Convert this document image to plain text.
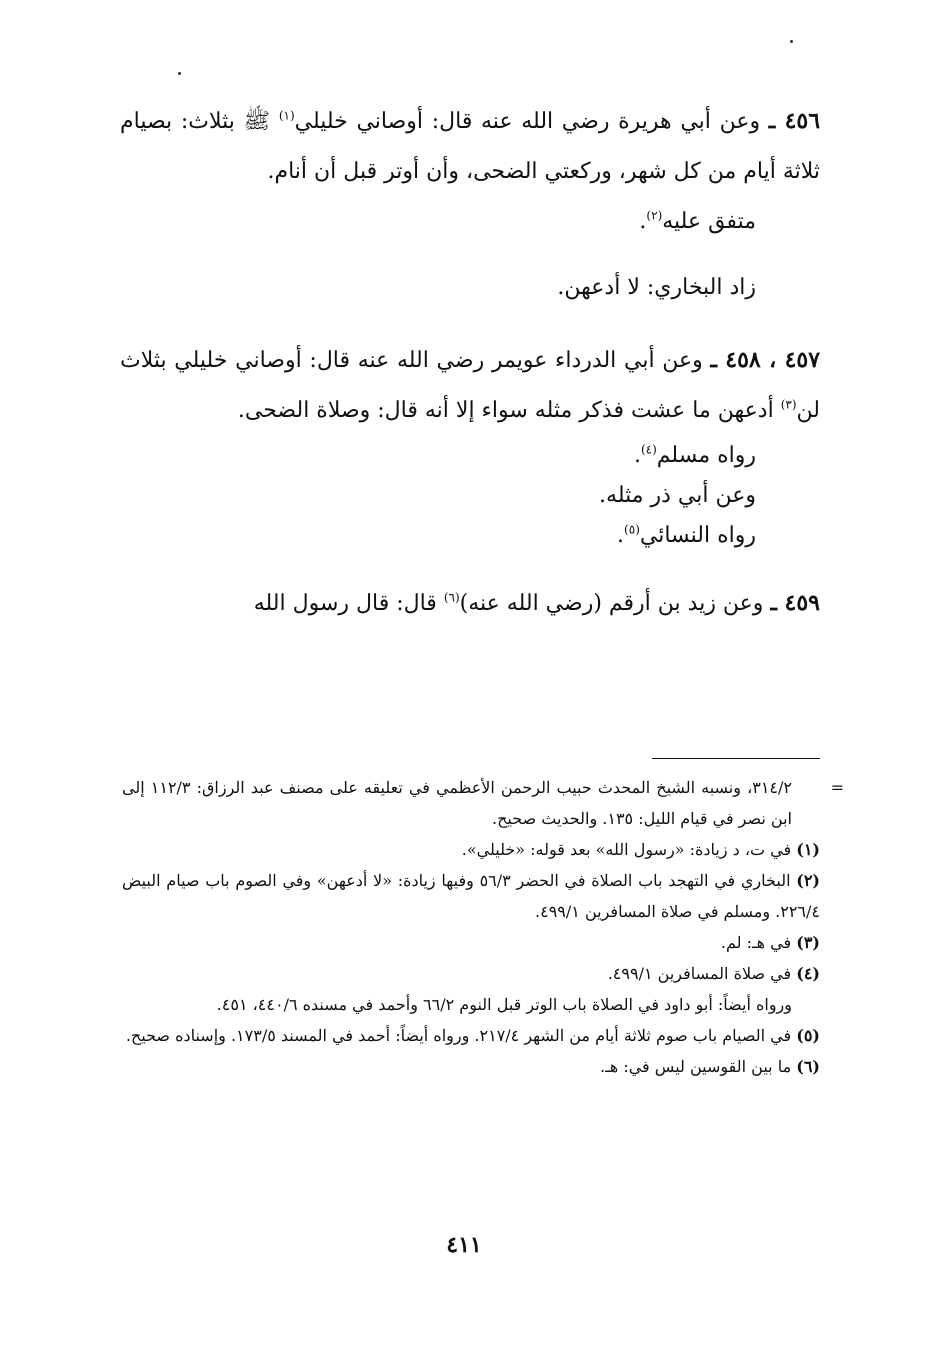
٤٥٦ ـ وعن أبي هريرة رضي الله عنه قال: أوصاني خليلي$^{(١)}$ ﷺ بثلاث: بصيام ثلاثة أيام من كل شهر، وركعتي الضحى، وأن أوتر قبل أن أنام.

متفق عليه$^{(٢)}$.

زاد البخاري: لا أدعهن.

٤٥٧ ، ٤٥٨ ـ وعن أبي الدرداء عويمر رضي الله عنه قال: أوصاني خليلي بثلاث لن$^{(٣)}$ أدعهن ما عشت فذكر مثله سواء إلا أنه قال: وصلاة الضحى.

رواه مسلم$^{(٤)}$.

وعن أبي ذر مثله.

رواه النسائي$^{(٥)}$.

٤٥٩ ـ وعن زيد بن أرقم (رضي الله عنه)$^{(٦)}$ قال: قال رسول الله

=
٣١٤/٢، ونسبه الشيخ المحدث حبيب الرحمن الأعظمي في تعليقه على مصنف عبد الرزاق: ١١٢/٣ إلى ابن نصر في قيام الليل: ١٣٥. والحديث صحيح.

(١) في ت، د زيادة: «رسول الله» بعد قوله: «خليلي».

(٢) البخاري في التهجد باب الصلاة في الحضر ٥٦/٣ وفيها زيادة: «لا أدعهن» وفي الصوم باب صيام البيض ٢٢٦/٤. ومسلم في صلاة المسافرين ٤٩٩/١.

(٣) في هـ: لم.

(٤) في صلاة المسافرين ٤٩٩/١.

ورواه أيضاً: أبو داود في الصلاة باب الوتر قبل النوم ٦٦/٢ وأحمد في مسنده ٤٤٠/٦، ٤٥١.

(٥) في الصيام باب صوم ثلاثة أيام من الشهر ٢١٧/٤. ورواه أيضاً: أحمد في المسند ١٧٣/٥. وإسناده صحيح.

(٦) ما بين القوسين ليس في: هـ.

٤١١
